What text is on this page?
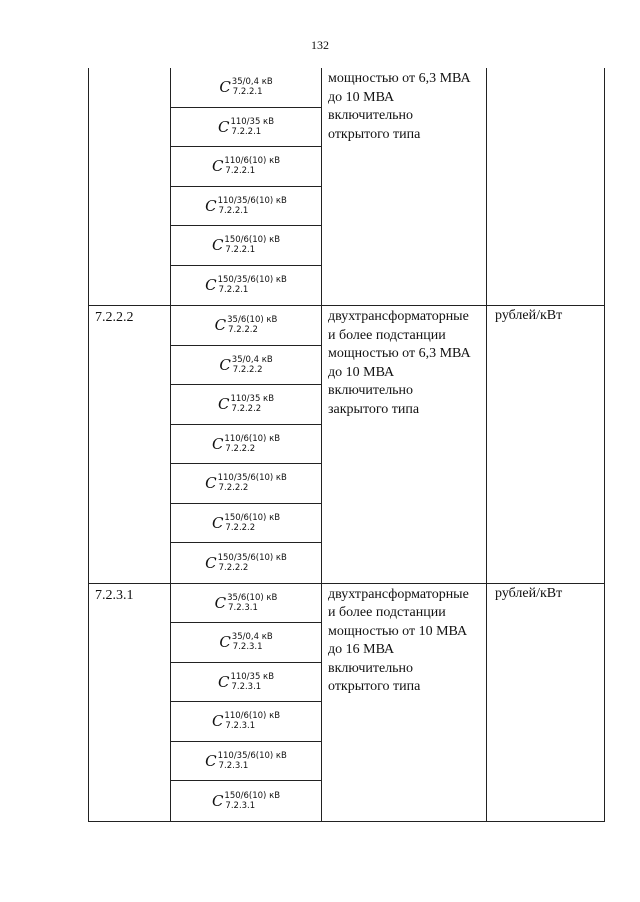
132
C 35/0,4 кВ
7.2.2.1
C 110/35 кВ
7.2.2.1
C 110/6(10) кВ
7.2.2.1
C 110/35/6(10) кВ
7.2.2.1
C 150/6(10) кВ
7.2.2.1
C 150/35/6(10) кВ
7.2.2.1
мощностью от 6,3 МВА
до 10 МВА
включительно
открытого типа
7.2.2.2	C 35/6(10) кВ
7.2.2.2
C 35/0,4 кВ
7.2.2.2
C 110/35 кВ
7.2.2.2
C 110/6(10) кВ
7.2.2.2
C 110/35/6(10) кВ
7.2.2.2
C 150/6(10) кВ
7.2.2.2
C 150/35/6(10) кВ
7.2.2.2
двухтрансформаторные
и более подстанции
мощностью от 6,3 МВА
до 10 МВА
включительно
закрытого типа
рублей/кВт
7.2.3.1	C 35/6(10) кВ
7.2.3.1
C 35/0,4 кВ
7.2.3.1
C 110/35 кВ
7.2.3.1
C 110/6(10) кВ
7.2.3.1
C 110/35/6(10) кВ
7.2.3.1
C 150/6(10) кВ
7.2.3.1
двухтрансформаторные
и более подстанции
мощностью от 10 МВА
до 16 МВА
включительно
открытого типа
рублей/кВт
